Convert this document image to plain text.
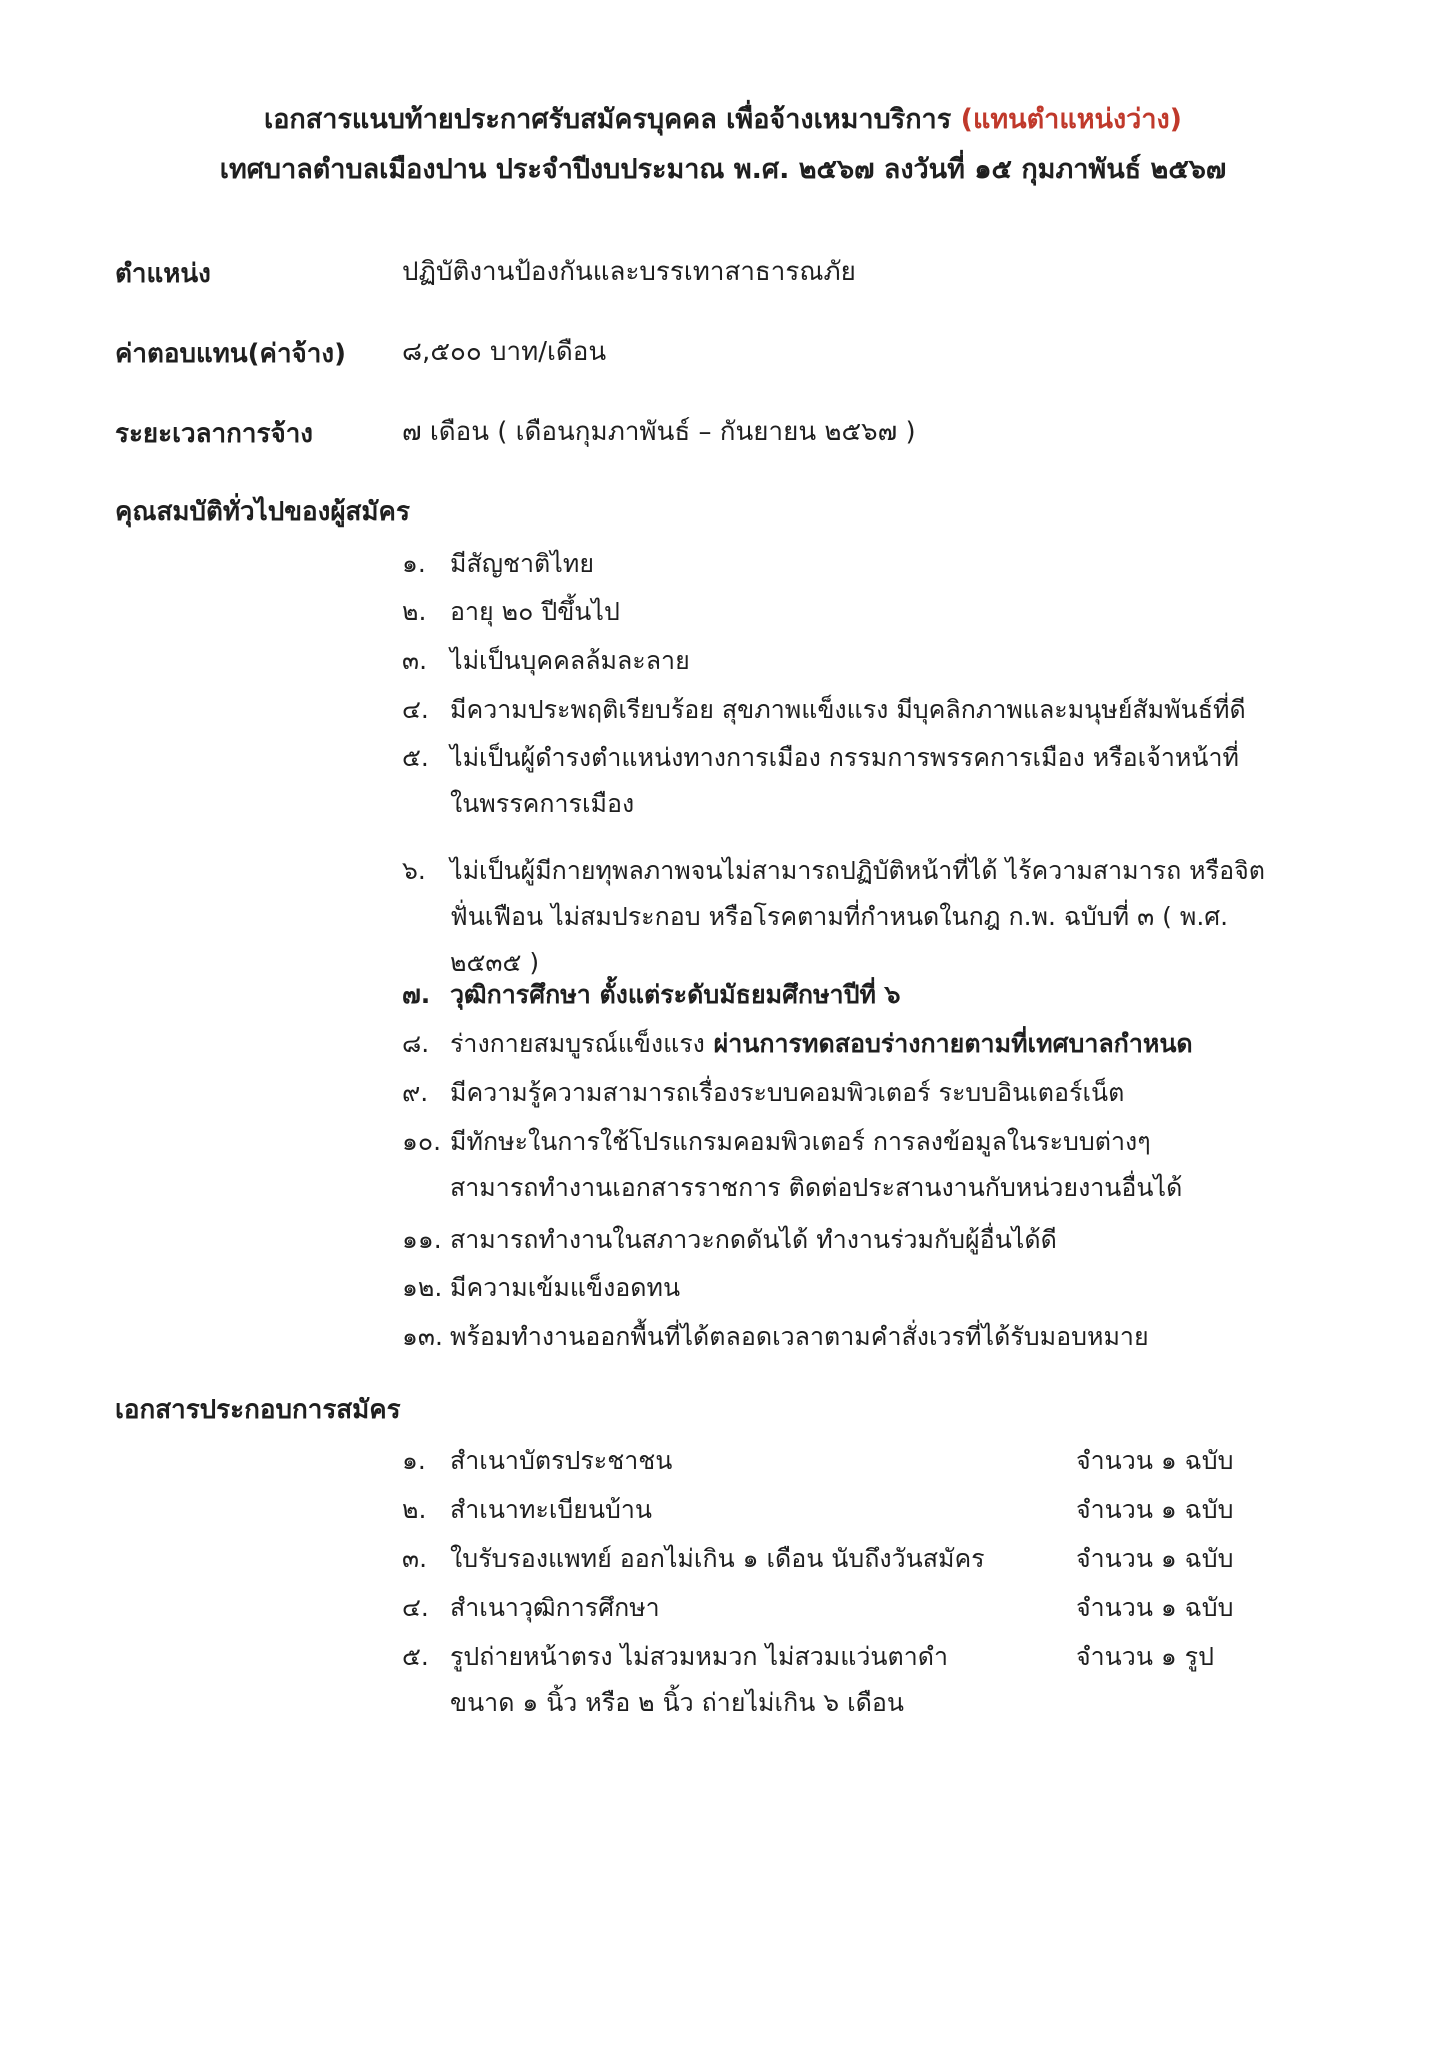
เอกสารแนบท้ายประกาศรับสมัครบุคคล เพื่อจ้างเหมาบริการ (แทนตำแหน่งว่าง)
เทศบาลตำบลเมืองปาน ประจำปีงบประมาณ พ.ศ. ๒๕๖๗ ลงวันที่ ๑๕ กุมภาพันธ์ ๒๕๖๗
ตำแหน่ง	ปฏิบัติงานป้องกันและบรรเทาสาธารณภัย
ค่าตอบแทน(ค่าจ้าง) ๘,๕๐๐ บาท/เดือน
ระยะเวลาการจ้าง	๗ เดือน ( เดือนกุมภาพันธ์ – กันยายน ๒๕๖๗ )
คุณสมบัติทั่วไปของผู้สมัคร
๑. มีสัญชาติไทย
๒. อายุ ๒๐ ปีขึ้นไป
๓. ไม่เป็นบุคคลล้มละลาย
๔. มีความประพฤติเรียบร้อย สุขภาพแข็งแรง มีบุคลิกภาพและมนุษย์สัมพันธ์ที่ดี
๕. ไม่เป็นผู้ดำรงตำแหน่งทางการเมือง กรรมการพรรคการเมือง หรือเจ้าหน้าที่
ในพรรคการเมือง
๖. ไม่เป็นผู้มีกายทุพลภาพจนไม่สามารถปฏิบัติหน้าที่ได้ ไร้ความสามารถ หรือจิต
ฟั่นเฟือน ไม่สมประกอบ หรือโรคตามที่กำหนดในกฎ ก.พ. ฉบับที่ ๓ ( พ.ศ.
๒๕๓๕ )
๗. วุฒิการศึกษา ตั้งแต่ระดับมัธยมศึกษาปีที่ ๖
๘. ร่างกายสมบูรณ์แข็งแรง ผ่านการทดสอบร่างกายตามที่เทศบาลกำหนด
๙. มีความรู้ความสามารถเรื่องระบบคอมพิวเตอร์ ระบบอินเตอร์เน็ต
๑๐. มีทักษะในการใช้โปรแกรมคอมพิวเตอร์ การลงข้อมูลในระบบต่างๆ
สามารถทำงานเอกสารราชการ ติดต่อประสานงานกับหน่วยงานอื่นได้
๑๑. สามารถทำงานในสภาวะกดดันได้ ทำงานร่วมกับผู้อื่นได้ดี
๑๒. มีความเข้มแข็งอดทน
๑๓. พร้อมทำงานออกพื้นที่ได้ตลอดเวลาตามคำสั่งเวรที่ได้รับมอบหมาย
เอกสารประกอบการสมัคร
๑. สำเนาบัตรประชาชน	จำนวน ๑ ฉบับ
๒. สำเนาทะเบียนบ้าน	จำนวน ๑ ฉบับ
๓. ใบรับรองแพทย์ ออกไม่เกิน ๑ เดือน นับถึงวันสมัคร	จำนวน ๑ ฉบับ
๔. สำเนาวุฒิการศึกษา	จำนวน ๑ ฉบับ
๕. รูปถ่ายหน้าตรง ไม่สวมหมวก ไม่สวมแว่นตาดำ
ขนาด ๑ นิ้ว หรือ ๒ นิ้ว ถ่ายไม่เกิน ๖ เดือน
จำนวน ๑ รูป
